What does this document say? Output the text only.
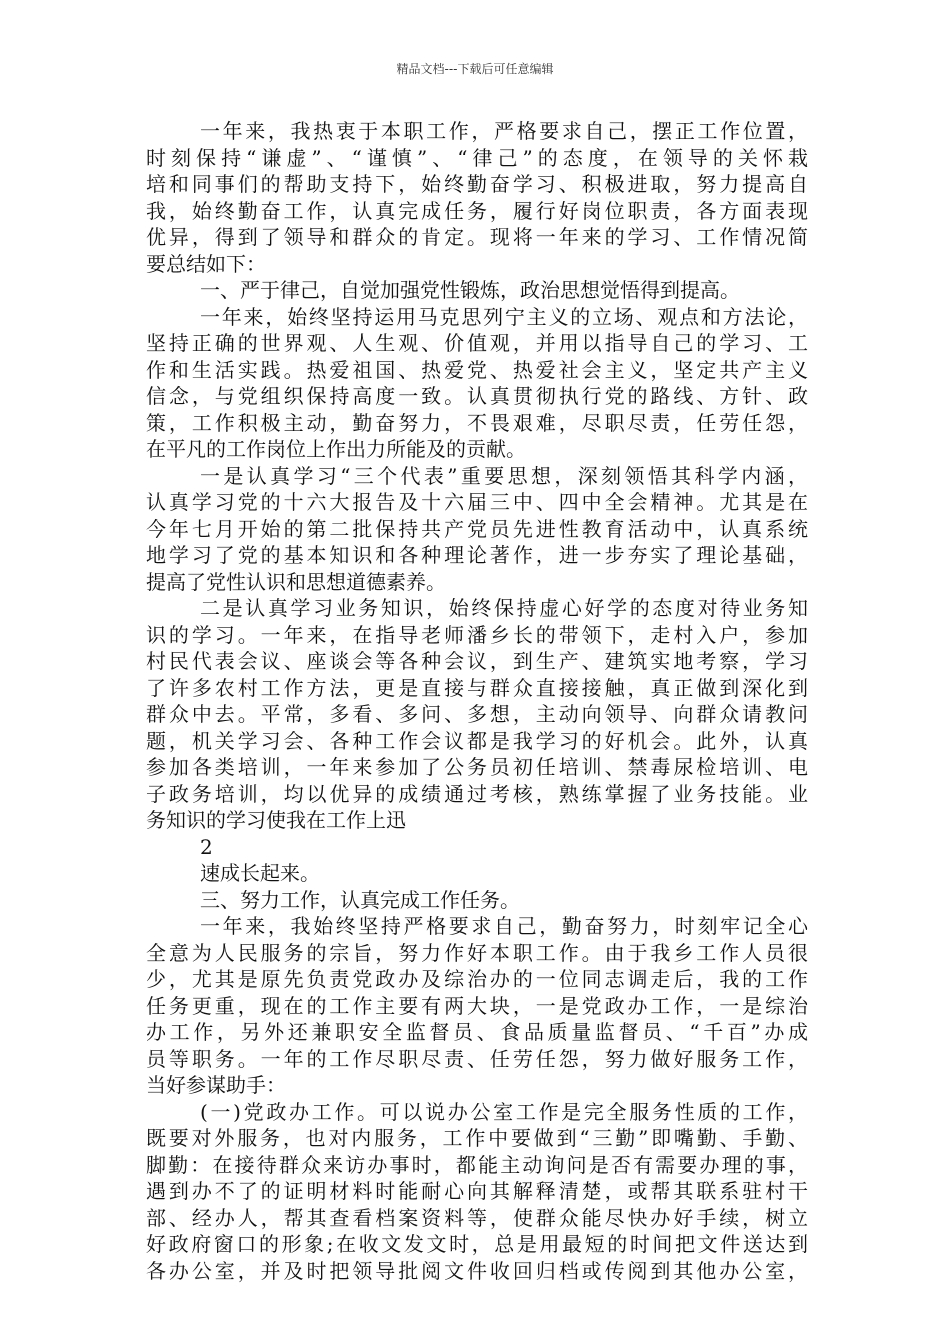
精品文档---下载后可任意编辑
一年来，我热衷于本职工作，严格要求自己，摆正工作位置，
时刻保持“谦虚”、“谨慎”、“律己”的态度，在领导的关怀栽
培和同事们的帮助支持下，始终勤奋学习、积极进取，努力提高自
我，始终勤奋工作，认真完成任务，履行好岗位职责，各方面表现
优异，得到了领导和群众的肯定。现将一年来的学习、工作情况简
要总结如下：
一、严于律己，自觉加强党性锻炼，政治思想觉悟得到提高。
一年来，始终坚持运用马克思列宁主义的立场、观点和方法论，
坚持正确的世界观、人生观、价值观，并用以指导自己的学习、工
作和生活实践。热爱祖国、热爱党、热爱社会主义，坚定共产主义
信念，与党组织保持高度一致。认真贯彻执行党的路线、方针、政
策，工作积极主动，勤奋努力，不畏艰难，尽职尽责，任劳任怨，
在平凡的工作岗位上作出力所能及的贡献。
一是认真学习“三个代表”重要思想，深刻领悟其科学内涵，
认真学习党的十六大报告及十六届三中、四中全会精神。尤其是在
今年七月开始的第二批保持共产党员先进性教育活动中，认真系统
地学习了党的基本知识和各种理论著作，进一步夯实了理论基础，
提高了党性认识和思想道德素养。
二是认真学习业务知识，始终保持虚心好学的态度对待业务知
识的学习。一年来，在指导老师潘乡长的带领下，走村入户，参加
村民代表会议、座谈会等各种会议，到生产、建筑实地考察，学习
了许多农村工作方法，更是直接与群众直接接触，真正做到深化到
群众中去。平常，多看、多问、多想，主动向领导、向群众请教问
题，机关学习会、各种工作会议都是我学习的好机会。此外，认真
参加各类培训，一年来参加了公务员初任培训、禁毒尿检培训、电
子政务培训，均以优异的成绩通过考核，熟练掌握了业务技能。业
务知识的学习使我在工作上迅
2
速成长起来。
三、努力工作，认真完成工作任务。
一年来，我始终坚持严格要求自己，勤奋努力，时刻牢记全心
全意为人民服务的宗旨，努力作好本职工作。由于我乡工作人员很
少，尤其是原先负责党政办及综治办的一位同志调走后，我的工作
任务更重，现在的工作主要有两大块，一是党政办工作，一是综治
办工作，另外还兼职安全监督员、食品质量监督员、“千百”办成
员等职务。一年的工作尽职尽责、任劳任怨，努力做好服务工作，
当好参谋助手：
(一)党政办工作。可以说办公室工作是完全服务性质的工作，
既要对外服务，也对内服务，工作中要做到“三勤”即嘴勤、手勤、
脚勤：在接待群众来访办事时，都能主动询问是否有需要办理的事，
遇到办不了的证明材料时能耐心向其解释清楚，或帮其联系驻村干
部、经办人，帮其查看档案资料等，使群众能尽快办好手续，树立
好政府窗口的形象;在收文发文时，总是用最短的时间把文件送达到
各办公室，并及时把领导批阅文件收回归档或传阅到其他办公室，
